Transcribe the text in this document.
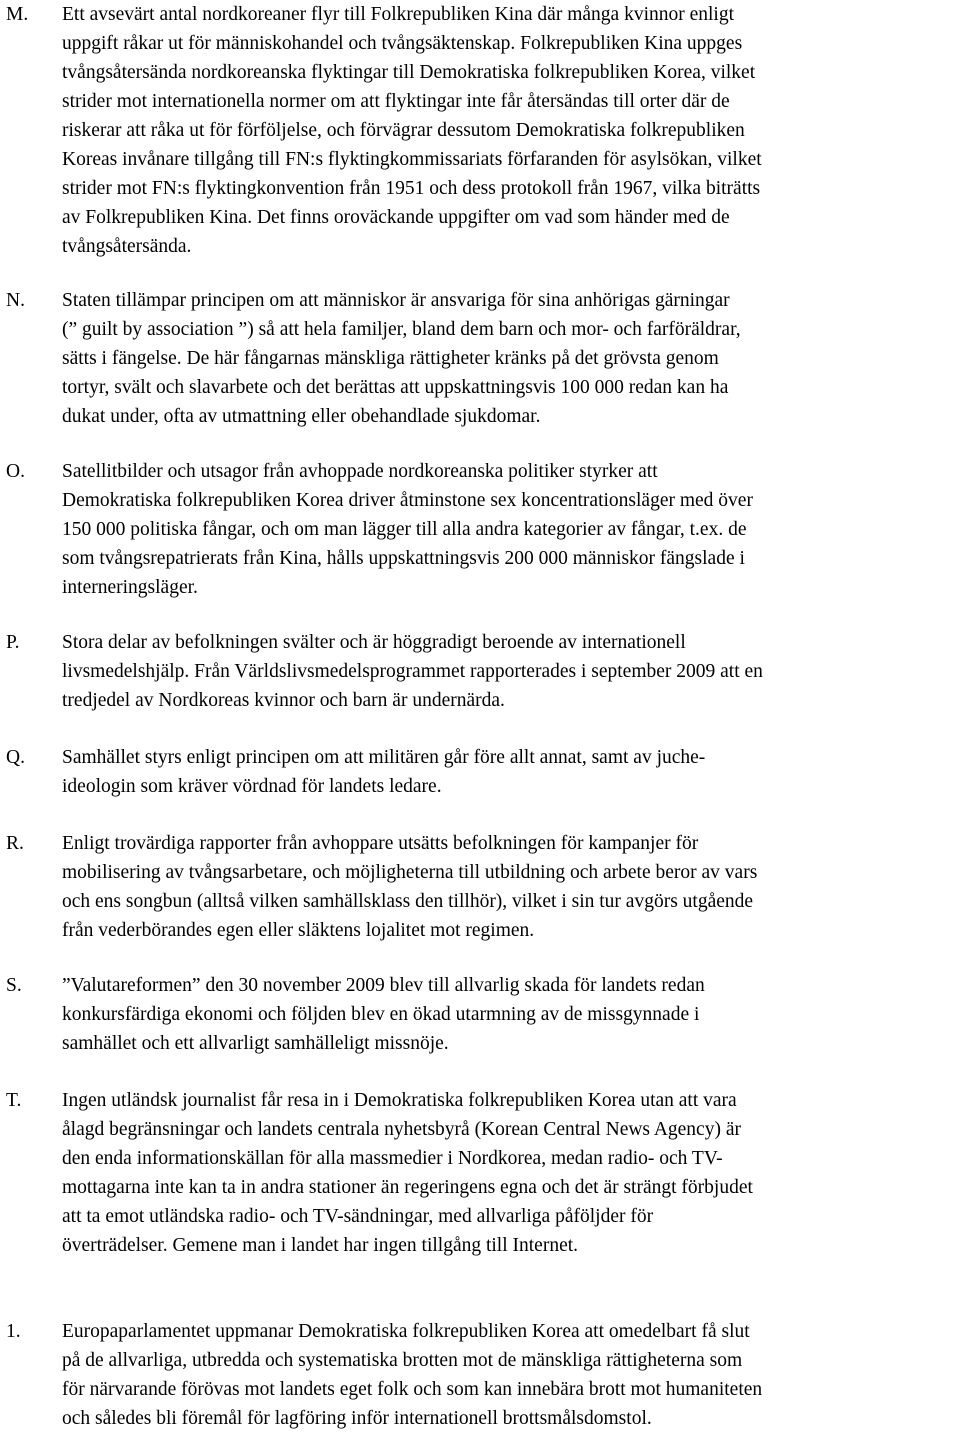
M. Ett avsevärt antal nordkoreaner flyr till Folkrepubliken Kina där många kvinnor enligt
uppgift råkar ut för människohandel och tvångsäktenskap. Folkrepubliken Kina uppges
tvångsåtersända nordkoreanska flyktingar till Demokratiska folkrepubliken Korea, vilket
strider mot internationella normer om att flyktingar inte får återsändas till orter där de
riskerar att råka ut för förföljelse, och förvägrar dessutom Demokratiska folkrepubliken
Koreas invånare tillgång till FN:s flyktingkommissariats förfaranden för asylsökan, vilket
strider mot FN:s flyktingkonvention från 1951 och dess protokoll från 1967, vilka biträtts
av Folkrepubliken Kina. Det finns oroväckande uppgifter om vad som händer med de
tvångsåtersända.

N. Staten tillämpar principen om att människor är ansvariga för sina anhörigas gärningar
(” guilt by association ”) så att hela familjer, bland dem barn och mor- och farföräldrar,
sätts i fängelse. De här fångarnas mänskliga rättigheter kränks på det grövsta genom
tortyr, svält och slavarbete och det berättas att uppskattningsvis 100 000 redan kan ha
dukat under, ofta av utmattning eller obehandlade sjukdomar.

O. Satellitbilder och utsagor från avhoppade nordkoreanska politiker styrker att
Demokratiska folkrepubliken Korea driver åtminstone sex koncentrationsläger med över
150 000 politiska fångar, och om man lägger till alla andra kategorier av fångar, t.ex. de
som tvångsrepatrierats från Kina, hålls uppskattningsvis 200 000 människor fängslade i
interneringsläger.

P. Stora delar av befolkningen svälter och är höggradigt beroende av internationell
livsmedelshjälp. Från Världslivsmedelsprogrammet rapporterades i september 2009 att en
tredjedel av Nordkoreas kvinnor och barn är undernärda.

Q. Samhället styrs enligt principen om att militären går före allt annat, samt av juche-
ideologin som kräver vördnad för landets ledare.

R. Enligt trovärdiga rapporter från avhoppare utsätts befolkningen för kampanjer för
mobilisering av tvångsarbetare, och möjligheterna till utbildning och arbete beror av vars
och ens songbun (alltså vilken samhällsklass den tillhör), vilket i sin tur avgörs utgående
från vederbörandes egen eller släktens lojalitet mot regimen.

S. ”Valutareformen” den 30 november 2009 blev till allvarlig skada för landets redan
konkursfärdiga ekonomi och följden blev en ökad utarmning av de missgynnade i
samhället och ett allvarligt samhälleligt missnöje.

T. Ingen utländsk journalist får resa in i Demokratiska folkrepubliken Korea utan att vara
ålagd begränsningar och landets centrala nyhetsbyrå (Korean Central News Agency) är
den enda informationskällan för alla massmedier i Nordkorea, medan radio- och TV-
mottagarna inte kan ta in andra stationer än regeringens egna och det är strängt förbjudet
att ta emot utländska radio- och TV-sändningar, med allvarliga påföljder för
överträdelser. Gemene man i landet har ingen tillgång till Internet.

1. Europaparlamentet uppmanar Demokratiska folkrepubliken Korea att omedelbart få slut
på de allvarliga, utbredda och systematiska brotten mot de mänskliga rättigheterna som
för närvarande förövas mot landets eget folk och som kan innebära brott mot humaniteten
och således bli föremål för lagföring inför internationell brottsmålsdomstol.
